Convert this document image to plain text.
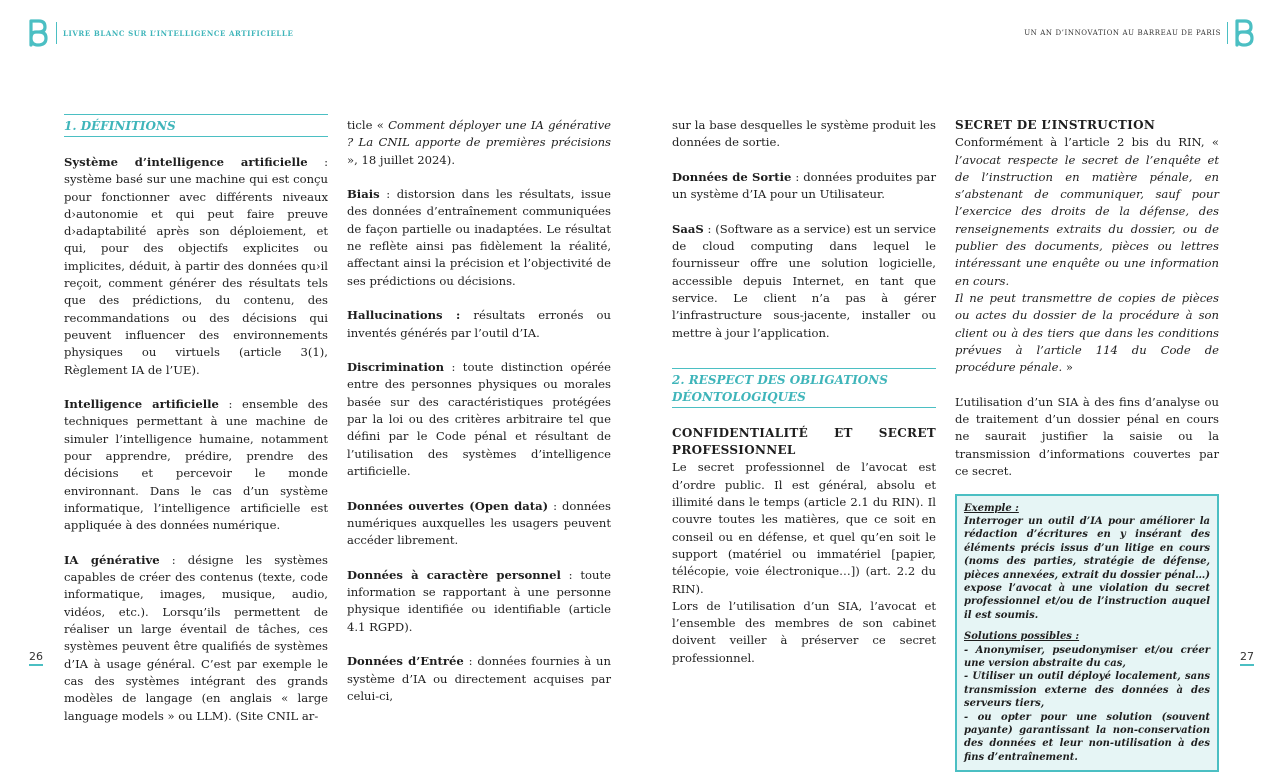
LIVRE BLANC SUR L’INTELLIGENCE ARTIFICIELLE	UN AN D’INNOVATION AU BARREAU DE PARIS
1. DÉFINITIONS

Système d’intelligence artificielle : système basé sur une machine qui est conçu pour fonctionner avec différents niveaux d›autonomie et qui peut faire preuve d›adaptabilité après son déploiement, et qui, pour des objectifs explicites ou implicites, déduit, à partir des données qu›il reçoit, comment générer des résultats tels que des prédictions, du contenu, des recommandations ou des décisions qui peuvent influencer des environnements physiques ou virtuels (article 3(1), Règlement IA de l’UE).

Intelligence artificielle : ensemble des techniques permettant à une machine de simuler l’intelligence humaine, notamment pour apprendre, prédire, prendre des décisions et percevoir le monde environnant. Dans le cas d’un système informatique, l’intelligence artificielle est appliquée à des données numérique.

IA générative : désigne les systèmes capables de créer des contenus (texte, code informatique, images, musique, audio, vidéos, etc.). Lorsqu’ils permettent de réaliser un large éventail de tâches, ces systèmes peuvent être qualifiés de systèmes d’IA à usage général. C’est par exemple le cas des systèmes intégrant des grands modèles de langage (en anglais « large language models » ou LLM). (Site CNIL ar-

ticle « Comment déployer une IA générative ? La CNIL apporte de premières précisions », 18 juillet 2024).

Biais : distorsion dans les résultats, issue des données d’entraînement communiquées de façon partielle ou inadaptées. Le résultat ne reflète ainsi pas fidèlement la réalité, affectant ainsi la précision et l’objectivité de ses prédictions ou décisions.

Hallucinations : résultats erronés ou inventés générés par l’outil d’IA.

Discrimination : toute distinction opérée entre des personnes physiques ou morales basée sur des caractéristiques protégées par la loi ou des critères arbitraire tel que défini par le Code pénal et résultant de l’utilisation des systèmes d’intelligence artificielle.

Données ouvertes (Open data) : données numériques auxquelles les usagers peuvent accéder librement.

Données à caractère personnel : toute information se rapportant à une personne physique identifiée ou identifiable (article 4.1 RGPD).

Données d’Entrée : données fournies à un système d’IA ou directement acquises par celui-ci,

sur la base desquelles le système produit les données de sortie.

Données de Sortie : données produites par un système d’IA pour un Utilisateur.

SaaS : (Software as a service) est un service de cloud computing dans lequel le fournisseur offre une solution logicielle, accessible depuis Internet, en tant que service. Le client n’a pas à gérer l’infrastructure sous-jacente, installer ou mettre à jour l’application.

2. RESPECT DES OBLIGATIONS DÉONTOLOGIQUES
CONFIDENTIALITÉ ET SECRET PROFESSIONNEL

Le secret professionnel de l’avocat est d’ordre public. Il est général, absolu et illimité dans le temps (article 2.1 du RIN). Il couvre toutes les matières, que ce soit en conseil ou en défense, et quel qu’en soit le support (matériel ou immatériel [papier, télécopie, voie électronique…]) (art. 2.2 du RIN).

Lors de l’utilisation d’un SIA, l’avocat et l’ensemble des membres de son cabinet doivent veiller à préserver ce secret professionnel.

SECRET DE L’INSTRUCTION

Conformément à l’article 2 bis du RIN, « l’avocat respecte le secret de l’enquête et de l’instruction en matière pénale, en s’abstenant de communiquer, sauf pour l’exercice des droits de la défense, des renseignements extraits du dossier, ou de publier des documents, pièces ou lettres intéressant une enquête ou une information en cours.

Il ne peut transmettre de copies de pièces ou actes du dossier de la procédure à son client ou à des tiers que dans les conditions prévues à l’article 114 du Code de procédure pénale. »

L’utilisation d’un SIA à des fins d’analyse ou de traitement d’un dossier pénal en cours ne saurait justifier la saisie ou la transmission d’informations couvertes par ce secret.

Exemple :
Interroger un outil d’IA pour améliorer la rédaction d’écritures en y insérant des éléments précis issus d’un litige en cours (noms des parties, stratégie de défense, pièces annexées, extrait du dossier pénal…) expose l’avocat à une violation du secret professionnel et/ou de l’instruction auquel il est soumis.
Solutions possibles :
- Anonymiser, pseudonymiser et/ou créer une version abstraite du cas,
- Utiliser un outil déployé localement, sans transmission externe des données à des serveurs tiers,
- ou opter pour une solution (souvent payante) garantissant la non-conservation des données et leur non-utilisation à des fins d’entraînement.
26	27
